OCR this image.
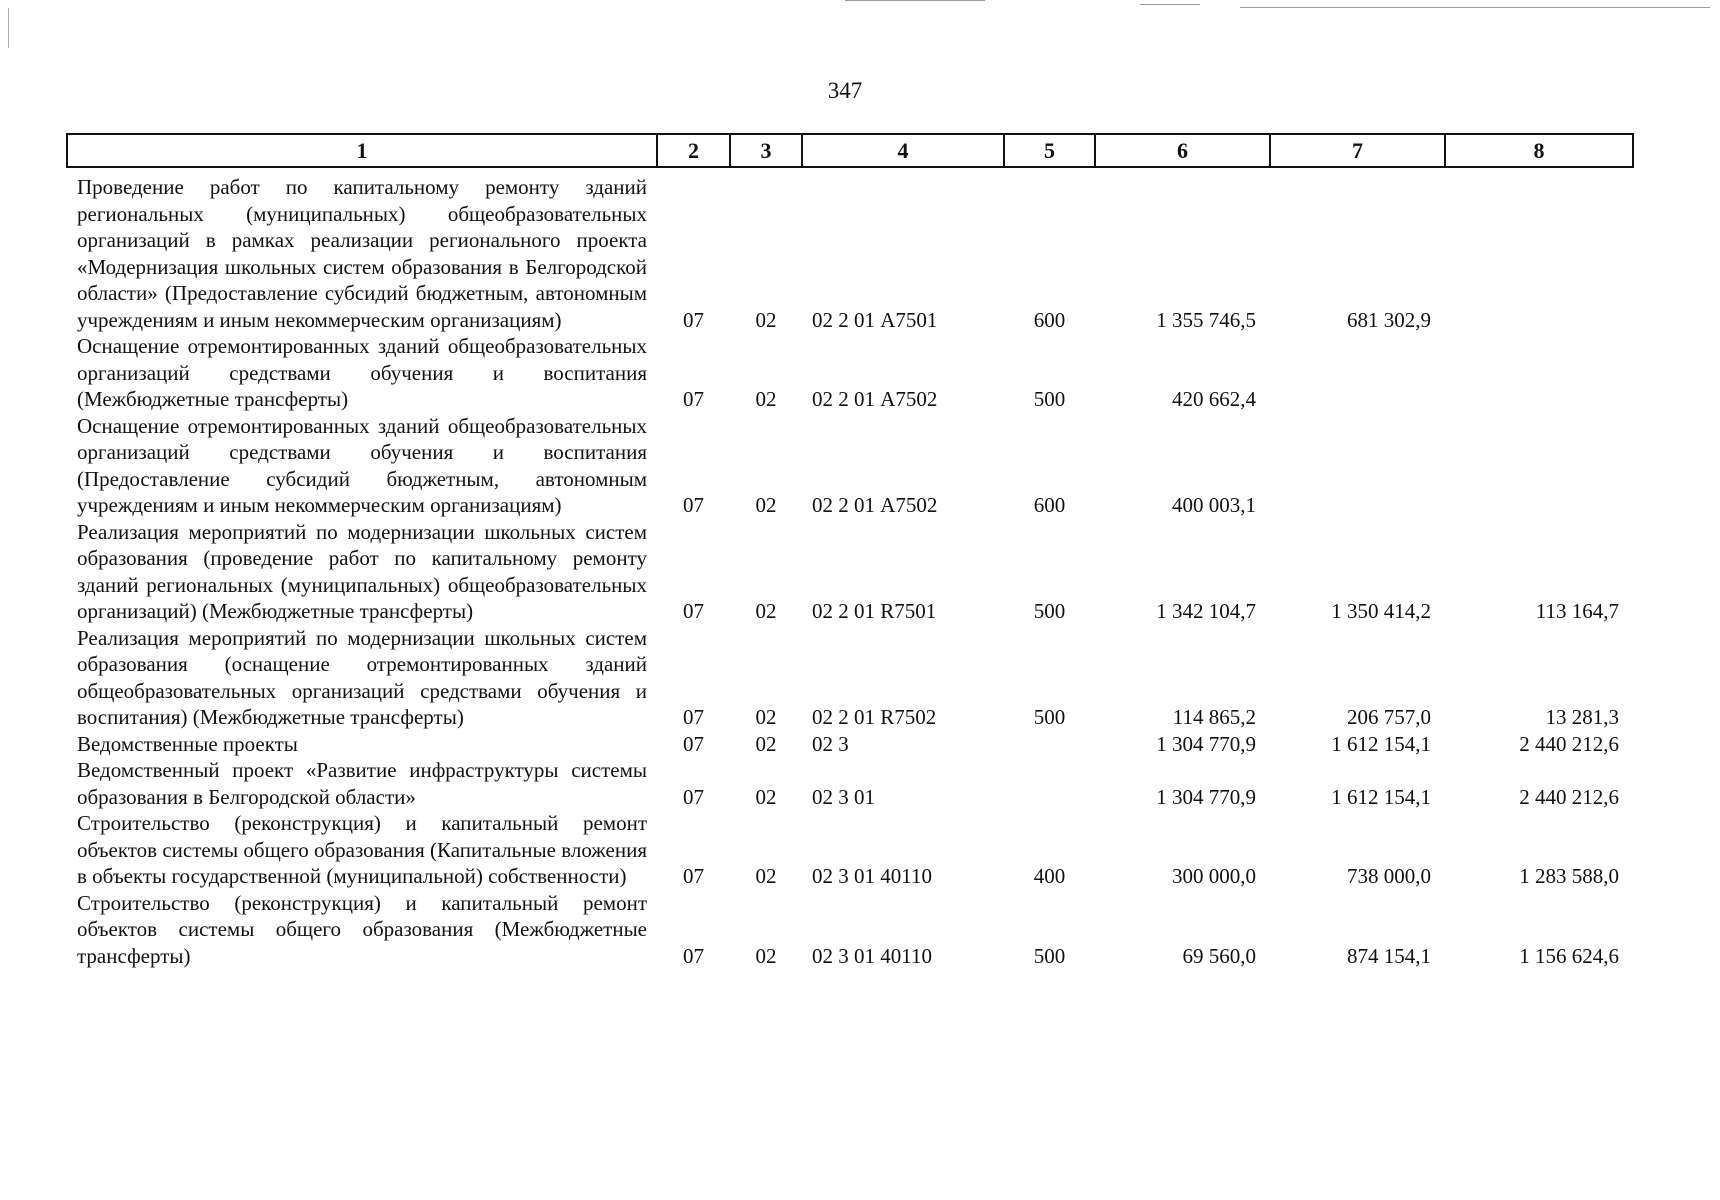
347
1	2	3	4	5	6	7	8
Проведение работ по капитальному ремонту зданий региональных (муниципальных) общеобразовательных организаций в рамках реализации регионального проекта «Модернизация школьных систем образования в Белгородской области» (Предоставление субсидий бюджетным, автономным учреждениям и иным некоммерческим организациям)	07	02	02 2 01 А7501	600	1 355 746,5	681 302,9	
Оснащение отремонтированных зданий общеобразовательных организаций средствами обучения и воспитания (Межбюджетные трансферты)	07	02	02 2 01 А7502	500	420 662,4		
Оснащение отремонтированных зданий общеобразовательных организаций средствами обучения и воспитания (Предоставление субсидий бюджетным, автономным учреждениям и иным некоммерческим организациям)	07	02	02 2 01 А7502	600	400 003,1		
Реализация мероприятий по модернизации школьных систем образования (проведение работ по капитальному ремонту зданий региональных (муниципальных) общеобразовательных организаций) (Межбюджетные трансферты)	07	02	02 2 01 R7501	500	1 342 104,7	1 350 414,2	113 164,7
Реализация мероприятий по модернизации школьных систем образования (оснащение отремонтированных зданий общеобразовательных организаций средствами обучения и воспитания) (Межбюджетные трансферты)	07	02	02 2 01 R7502	500	114 865,2	206 757,0	13 281,3
Ведомственные проекты	07	02	02 3		1 304 770,9	1 612 154,1	2 440 212,6
Ведомственный проект «Развитие инфраструктуры системы образования в Белгородской области»	07	02	02 3 01		1 304 770,9	1 612 154,1	2 440 212,6
Строительство (реконструкция) и капитальный ремонт объектов системы общего образования (Капитальные вложения в объекты государственной (муниципальной) собственности)	07	02	02 3 01 40110	400	300 000,0	738 000,0	1 283 588,0
Строительство (реконструкция) и капитальный ремонт объектов системы общего образования (Межбюджетные трансферты)	07	02	02 3 01 40110	500	69 560,0	874 154,1	1 156 624,6
